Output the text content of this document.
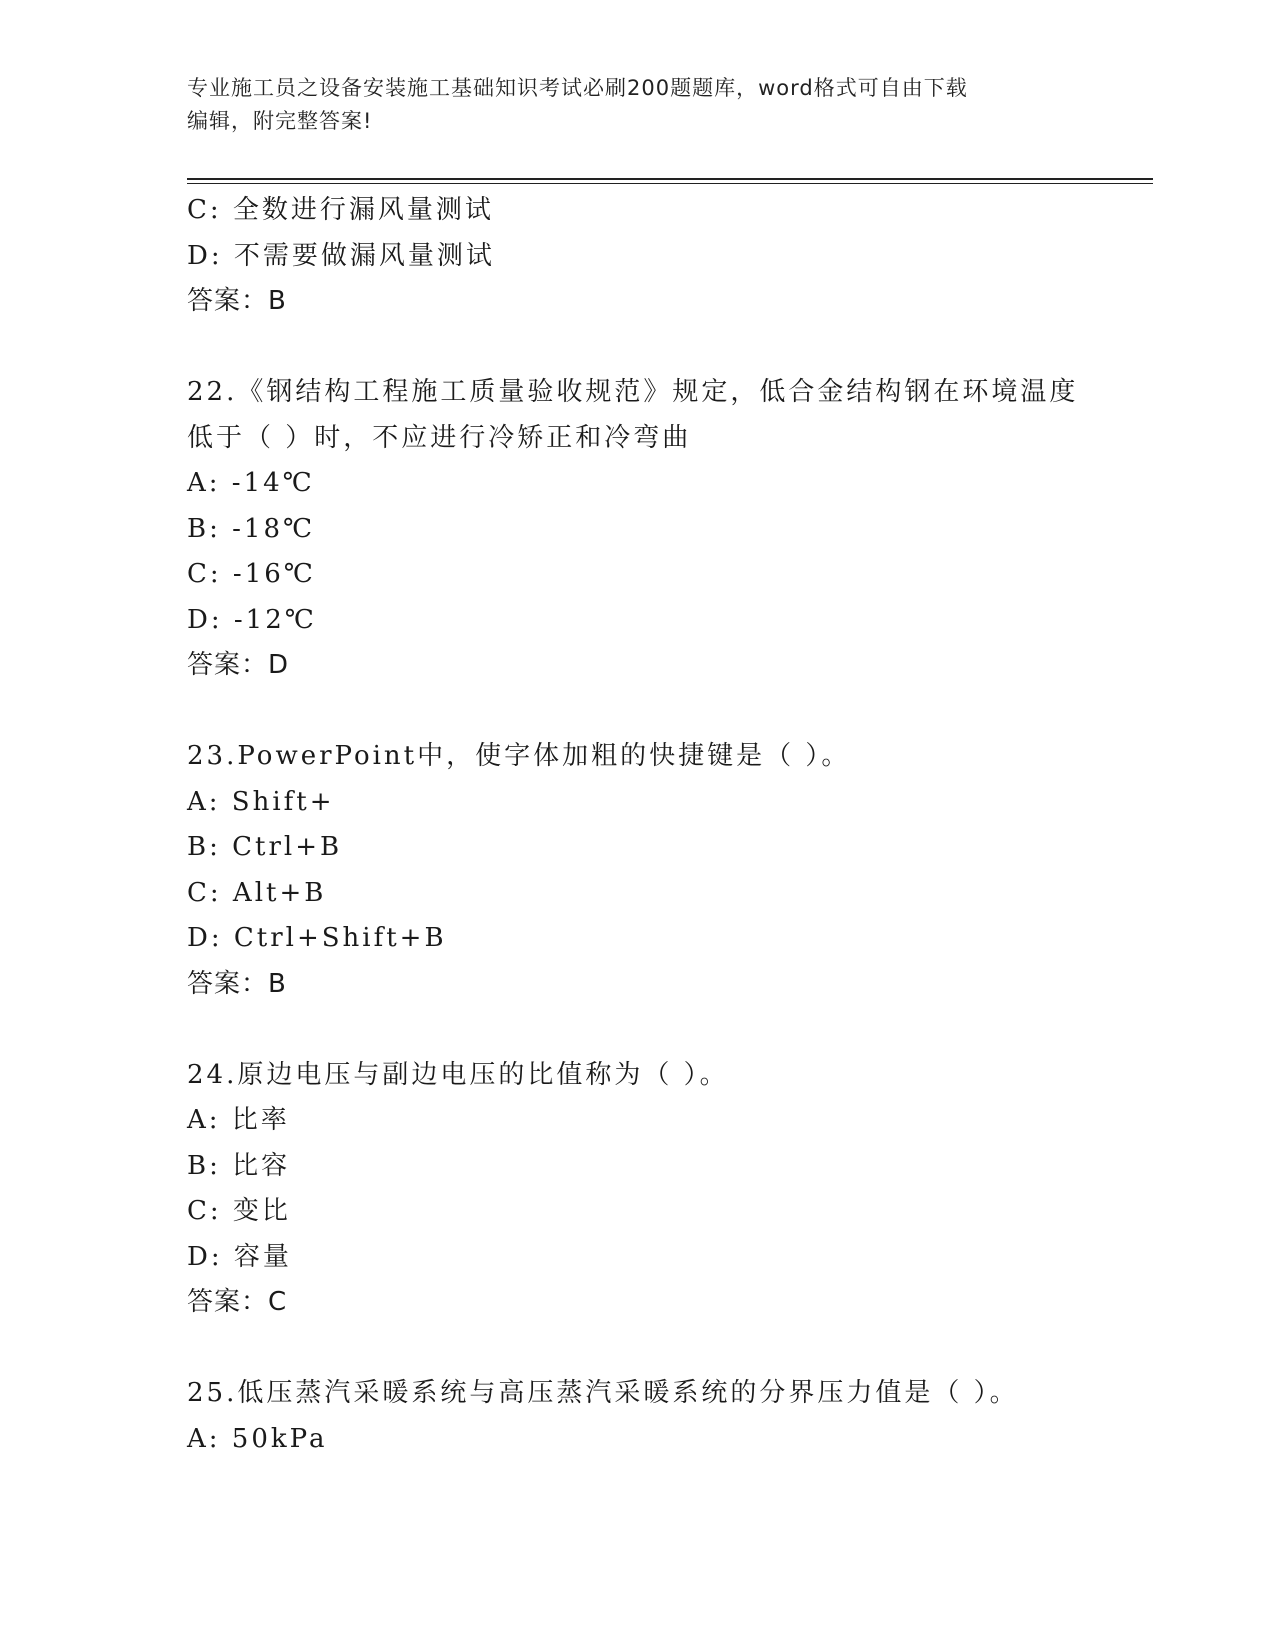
专业施工员之设备安装施工基础知识考试必刷200题题库，word格式可自由下载
编辑，附完整答案!
C: 全数进行漏风量测试
D: 不需要做漏风量测试
答案：B
22.《钢结构工程施工质量验收规范》规定，低合金结构钢在环境温度
低于（ ）时，不应进行冷矫正和冷弯曲
A: -14℃
B: -18℃
C: -16℃
D: -12℃
答案：D
23.PowerPoint中，使字体加粗的快捷键是（ ）。
A: Shift+
B: Ctrl+B
C: Alt+B
D: Ctrl+Shift+B
答案：B
24.原边电压与副边电压的比值称为（ ）。
A: 比率
B: 比容
C: 变比
D: 容量
答案：C
25.低压蒸汽采暖系统与高压蒸汽采暖系统的分界压力值是（ ）。
A: 50kPa
